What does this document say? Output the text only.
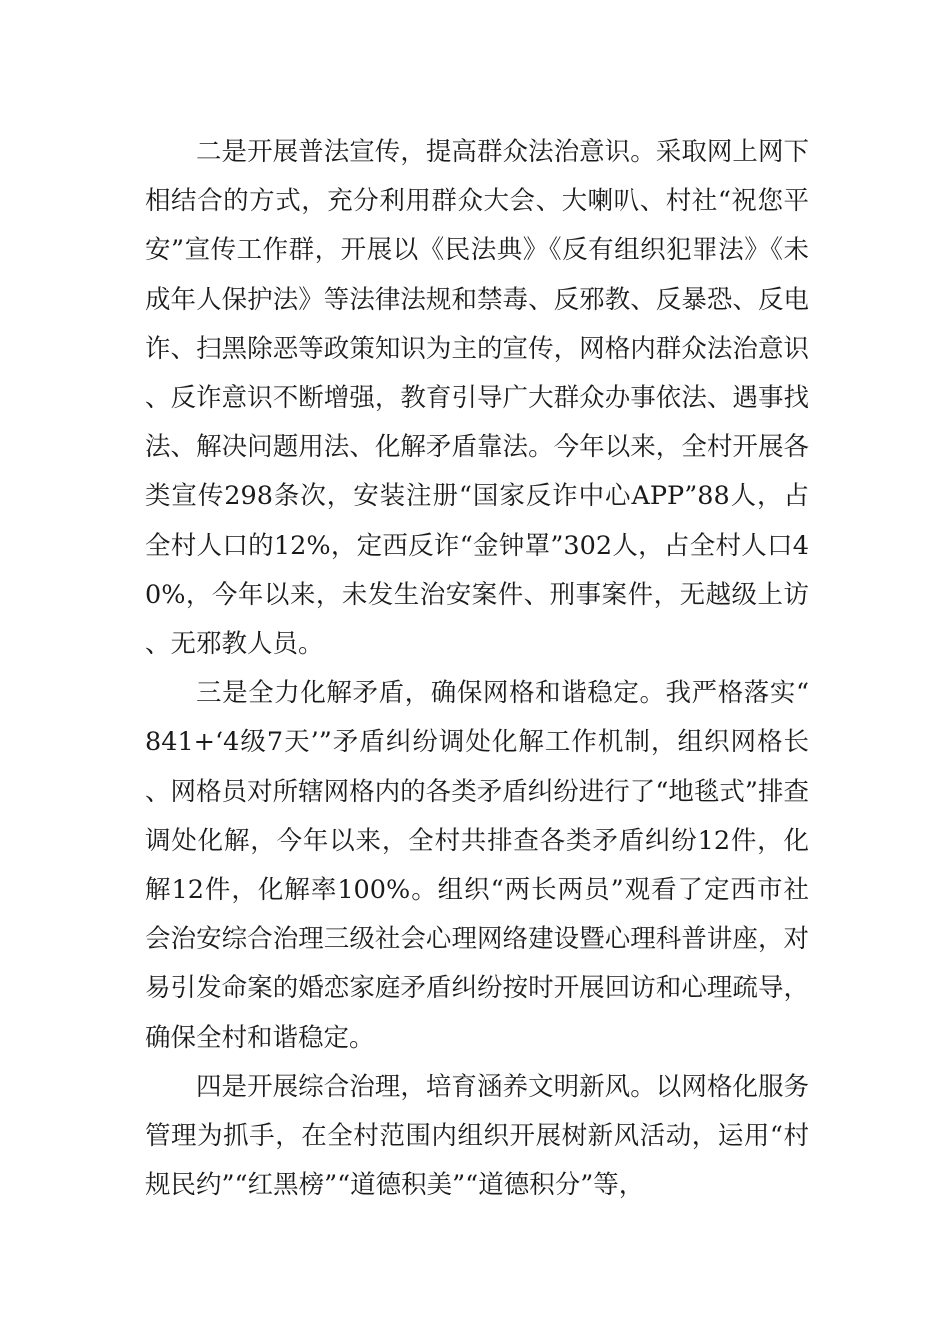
二是开展普法宣传，提高群众法治意识。采取网上网下相结合的方式，充分利用群众大会、大喇叭、村社“祝您平安”宣传工作群，开展以《民法典》《反有组织犯罪法》《未成年人保护法》等法律法规和禁毒、反邪教、反暴恐、反电诈、扫黑除恶等政策知识为主的宣传，网格内群众法治意识、反诈意识不断增强，教育引导广大群众办事依法、遇事找法、解决问题用法、化解矛盾靠法。今年以来，全村开展各类宣传298条次，安装注册“国家反诈中心APP”88人，占全村人口的12%，定西反诈“金钟罩”302人，占全村人口40%，今年以来，未发生治安案件、刑事案件，无越级上访、无邪教人员。

三是全力化解矛盾，确保网格和谐稳定。我严格落实“841+‘4级7天’”矛盾纠纷调处化解工作机制，组织网格长、网格员对所辖网格内的各类矛盾纠纷进行了“地毯式”排查调处化解，今年以来，全村共排查各类矛盾纠纷12件，化解12件，化解率100%。组织“两长两员”观看了定西市社会治安综合治理三级社会心理网络建设暨心理科普讲座，对易引发命案的婚恋家庭矛盾纠纷按时开展回访和心理疏导，确保全村和谐稳定。

四是开展综合治理，培育涵养文明新风。以网格化服务管理为抓手，在全村范围内组织开展树新风活动，运用“村规民约”“红黑榜”“道德积美”“道德积分”等，
